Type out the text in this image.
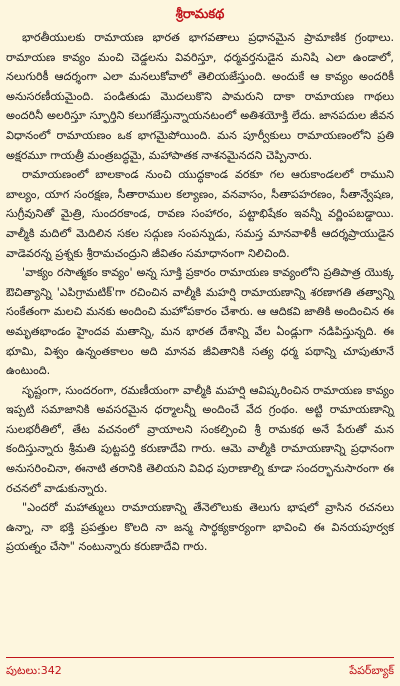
శ్రీరామకథ

భారతీయులకు రామాయణ భారత భాగవతాలు ప్రధానమైన ప్రామాణిక గ్రంథాలు. రామాయణ కావ్యం మంచి చెడ్డలను వివరిస్తూ, ధర్మవర్తనుడైన మనిషి ఎలా ఉండాలో, నలుగురికీ ఆదర్శంగా ఎలా మనలుకోవాలో తెలియజేస్తుంది. అందుకే ఆ కావ్యం అందరికీ అనుసరణీయమైంది. పండితుడు మొదలుకొని పామరుని దాకా రామాయణ గాథలు అందరినీ అలరిస్తూ స్ఫూర్తిని కలుగజేస్తున్నాయనటంలో అతిశయోక్తి లేదు. జానపదుల జీవన విధానంలో రామాయణం ఒక భాగమైపోయింది. మన పూర్వీకులు రామాయణంలోని ప్రతి అక్షరమూ గాయత్రీ మంత్రబద్ధమై, మహాపాతక నాశనమైనదని చెప్పినారు.

రామాయణంలో బాలకాండ నుంచి యుద్ధకాండ వరకూ గల ఆరుకాండలలో రాముని బాల్యం, యాగ సంరక్షణ, సీతారాముల కల్యాణం, వనవాసం, సీతాపహరణం, సీతాన్వేషణ, సుగ్రీవునితో మైత్రి, సుందరకాండ, రావణ సంహారం, పట్టాభిషేకం ఇవన్నీ వర్ణింపబడ్డాయి. వాల్మీకి మదిలో మెదిలిన సకల సద్గుణ సంపన్నుడు, సమస్త మానవాళికీ ఆదర్శప్రాయుడైన వాడెవరన్న ప్రశ్నకు శ్రీరామచంద్రుని జీవితం సమాధానంగా నిలిచింది.

'వాక్యం రసాత్మకం కావ్యం' అన్న సూక్తి ప్రకారం రామాయణ కావ్యంలోని ప్రతిపాత్ర యొక్క ఔచిత్యాన్ని 'ఎపిగ్రామటిక్'గా రచించిన వాల్మీకి మహర్షి రామాయణాన్ని శరణాగతి తత్వాన్ని సంకేతంగా మలచి మనకు అందించి మహోపకారం చేశారు. ఆ ఆదికవి జాతికి అందించిన ఈ అమృతభాండం హైందవ మతాన్ని, మన భారత దేశాన్ని వేల ఏండ్లుగా నడిపిస్తున్నది. ఈ భూమి, విశ్వం ఉన్నంతకాలం అది మానవ జీవితానికి సత్య ధర్మ పథాన్ని చూపుతూనే ఉంటుంది.

సృష్టంగా, సుందరంగా, రమణీయంగా వాల్మీకి మహర్షి ఆవిష్కరించిన రామాయణ కావ్యం ఇప్పటి సమాజానికి అవసరమైన ధర్మాలన్నీ అందించే వేద గ్రంథం. అట్టి రామాయణాన్ని సులభరీతిలో, తేట వచనంలో వ్రాయాలని సంకల్పించి శ్రీ రామకథ అనే పేరుతో మన కందిస్తున్నారు శ్రీమతి పుట్టపర్తి కరుణాదేవి గారు. ఆమె వాల్మీకి రామాయణాన్ని ప్రధానంగా అనుసరించినా, ఈనాటి తరానికి తెలియని వివిధ పురాణాల్ని కూడా సందర్భానుసారంగా ఈ రచనలో వాడుకున్నారు.

"ఎందరో మహాత్ములు రామాయణాన్ని తేనెలొలుకు తెలుగు భాషలో వ్రాసిన రచనలు ఉన్నా, నా భక్తి ప్రపత్తుల కొలది నా జన్మ సార్థక్యకార్యంగా భావించి ఈ వినయపూర్వక ప్రయత్నం చేసా" నంటున్నారు కరుణాదేవి గారు.

పుటలు:342	పేపర్‌బ్యాక్
